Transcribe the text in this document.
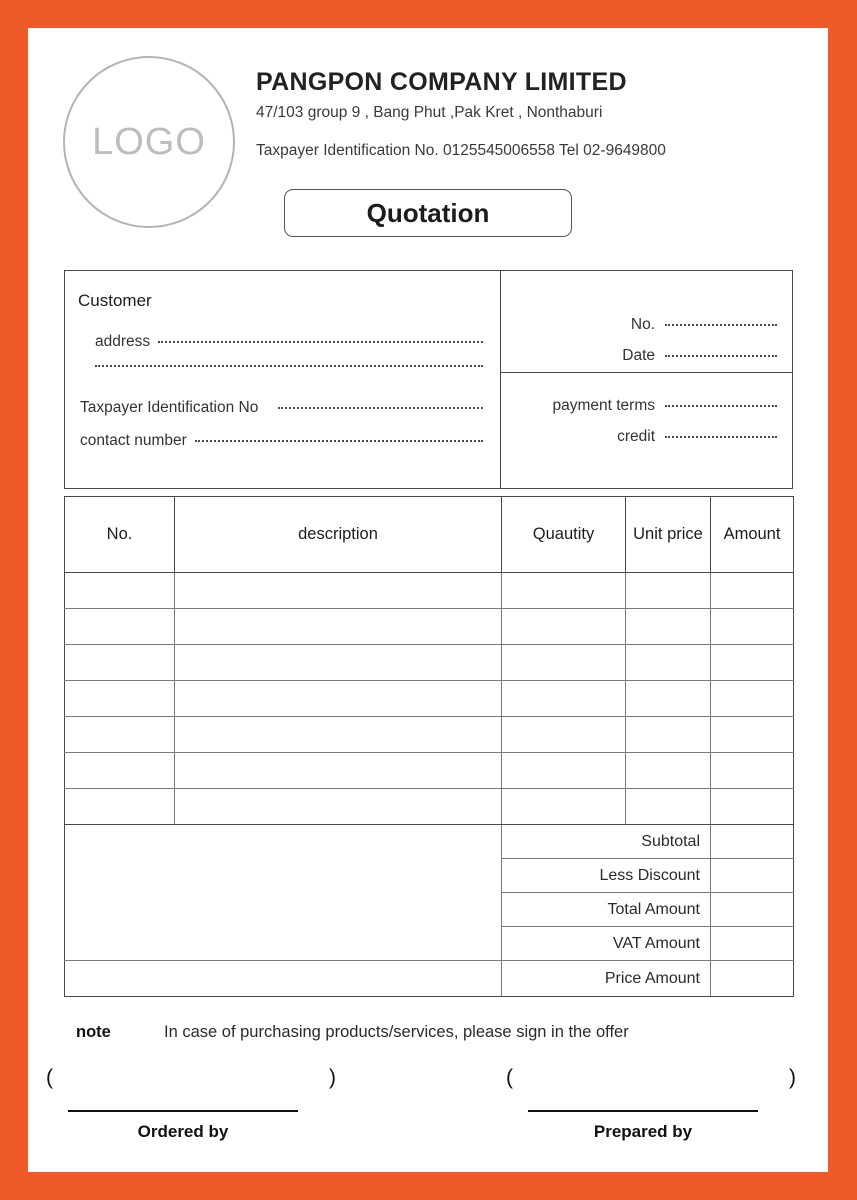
LOGO
PANGPON COMPANY LIMITED
47/103 group 9 , Bang Phut ,Pak Kret , Nonthaburi
Taxpayer Identification No. 0125545006558 Tel 02-9649800
Quotation
Customer
address
Taxpayer Identification No
contact number
No.
Date
payment terms
credit
No.	description	Quautity	Unit price	Amount

		Subtotal		
		Less Discount		
		Total Amount		
		VAT Amount		
		Price Amount		
note	In case of purchasing products/services, please sign in the offer
(	)
Ordered by
(	)
Prepared by
